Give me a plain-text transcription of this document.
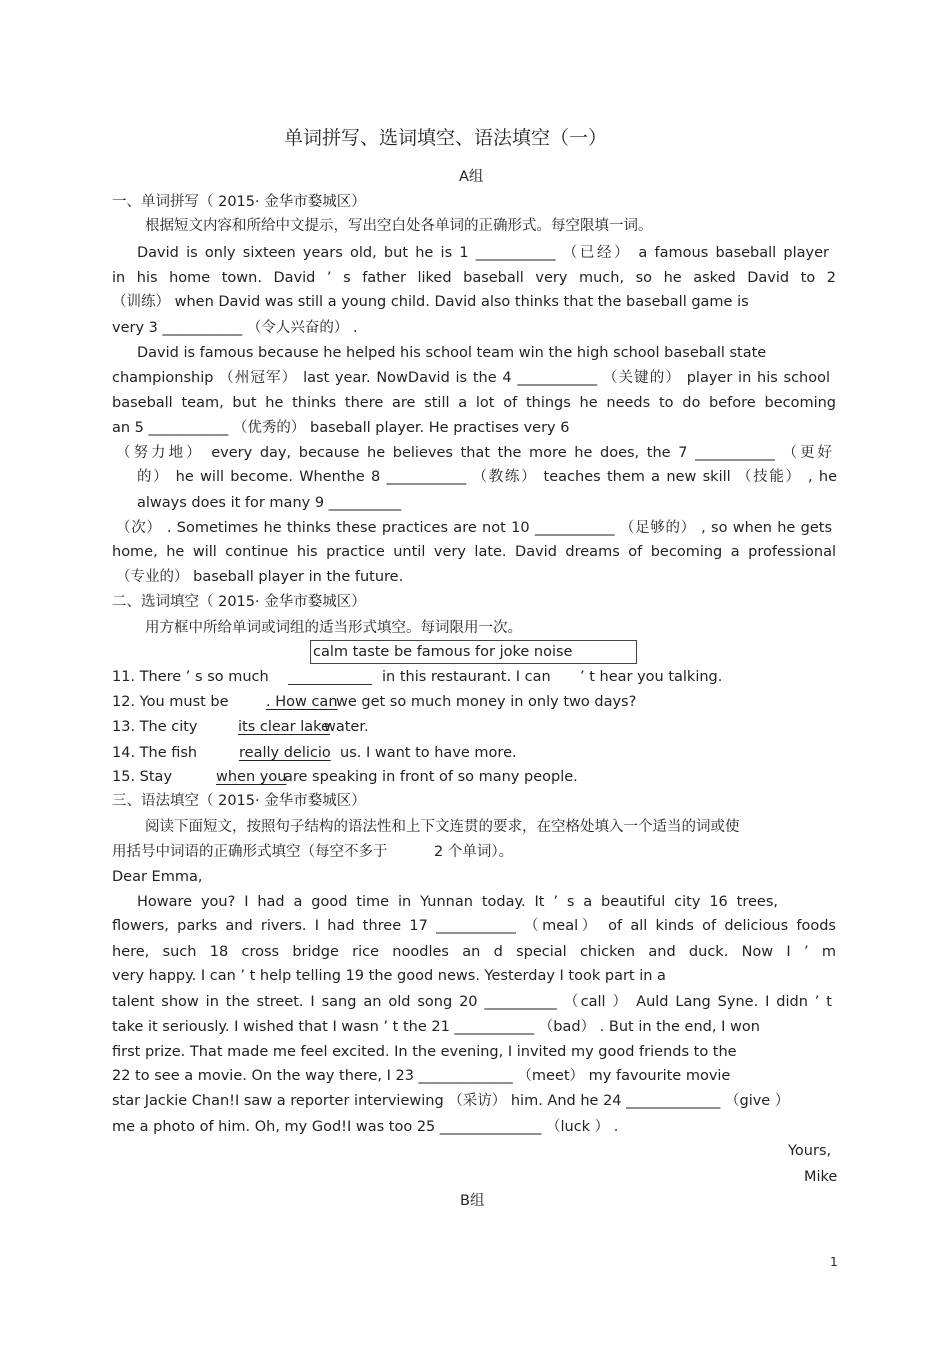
单词拼写、选词填空、语法填空（一）
A组
一、单词拼写（ 2015· 金华市婺城区）
根据短文内容和所给中文提示，写出空白处各单词的正确形式。每空限填一词。
David is only sixteen years old, but he is 1 ___________ （已经） a famous baseball player
in his home town. David ’ s father liked baseball very much, so he asked David to 2
（训练） when David was still a young child. David also thinks that the baseball game is
very 3 ___________ （令人兴奋的） .
David is famous because he helped his school team win the high school baseball state
championship （州冠军） last year. NowDavid is the 4 ___________ （关键的） player in his school
baseball team, but he thinks there are still a lot of things he needs to do before becoming
an 5 ___________ （优秀的） baseball player. He practises very 6
（努力地） every day, because he believes that the more he does, the 7 ___________ （更好
的） he will become. Whenthe 8 ___________ （教练） teaches them a new skill （技能） , he
always does it for many 9 __________
（次） . Sometimes he thinks these practices are not 10 ___________ （足够的） , so when he gets
home, he will continue his practice until very late. David dreams of becoming a professional
（专业的） baseball player in the future.
二、选词填空（ 2015· 金华市婺城区）
用方框中所给单词或词组的适当形式填空。每词限用一次。
calm taste be famous for joke noise
11. There ’ s so much	in this restaurant. I can ’ t hear you talking.
12. You must be	. How can
we get so much money in only two days?
13. The city	its clear lake
water.
14. The fish	really delicio us. I want to have more.
15. Stay	when you
are speaking in front of so many people.
三、语法填空（ 2015· 金华市婺城区）
阅读下面短文，按照句子结构的语法性和上下文连贯的要求，在空格处填入一个适当的词或使
用括号中词语的正确形式填空（每空不多于	2 个单词）。
Dear Emma,
Howare you? I had a good time in Yunnan today. It ’ s a beautiful city 16 trees,
flowers, parks and rivers. I had three 17 ___________ （meal） of all kinds of delicious foods
here, such 18 cross bridge rice noodles an d special chicken and duck. Now I ’ m
very happy. I can ’ t help telling 19 the good news. Yesterday I took part in a
talent show in the street. I sang an old song 20 __________ （call ） Auld Lang Syne. I didn ’ t
take it seriously. I wished that I wasn ’ t the 21 ___________ （bad） . But in the end, I won
first prize. That made me feel excited. In the evening, I invited my good friends to the
22 to see a movie. On the way there, I 23 _____________ （meet） my favourite movie
star Jackie Chan!I saw a reporter interviewing （采访） him. And he 24 _____________ （give ）
me a photo of him. Oh, my God!I was too 25 ______________ （luck ） .
Yours,
Mike
B组
1
